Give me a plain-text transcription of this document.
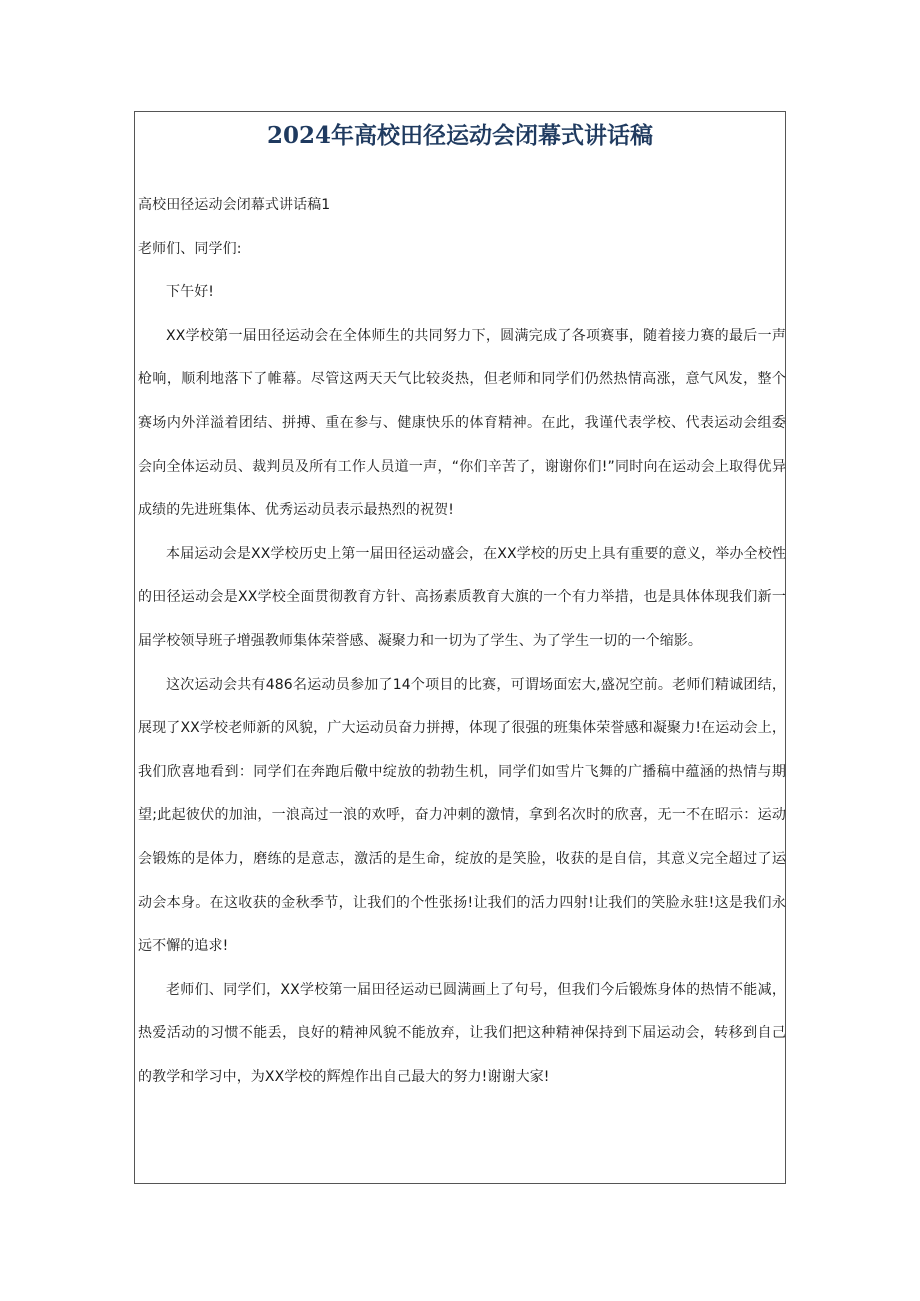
2024年高校田径运动会闭幕式讲话稿

高校田径运动会闭幕式讲话稿1

老师们、同学们:

下午好!

XX学校第一届田径运动会在全体师生的共同努力下，圆满完成了各项赛事，随着接力赛的最后一声枪响，顺利地落下了帷幕。尽管这两天天气比较炎热，但老师和同学们仍然热情高涨，意气风发，整个赛场内外洋溢着团结、拼搏、重在参与、健康快乐的体育精神。在此，我谨代表学校、代表运动会组委会向全体运动员、裁判员及所有工作人员道一声，“你们辛苦了，谢谢你们!”同时向在运动会上取得优异成绩的先进班集体、优秀运动员表示最热烈的祝贺!

本届运动会是XX学校历史上第一届田径运动盛会，在XX学校的历史上具有重要的意义，举办全校性的田径运动会是XX学校全面贯彻教育方针、高扬素质教育大旗的一个有力举措，也是具体体现我们新一届学校领导班子增强教师集体荣誉感、凝聚力和一切为了学生、为了学生一切的一个缩影。

这次运动会共有486名运动员参加了14个项目的比赛，可谓场面宏大,盛况空前。老师们精诚团结，展现了XX学校老师新的风貌，广大运动员奋力拼搏，体现了很强的班集体荣誉感和凝聚力!在运动会上，我们欣喜地看到：同学们在奔跑后儆中绽放的勃勃生机，同学们如雪片飞舞的广播稿中蕴涵的热情与期望;此起彼伏的加油，一浪高过一浪的欢呼，奋力冲刺的激情，拿到名次时的欣喜，无一不在昭示：运动会锻炼的是体力，磨练的是意志，激活的是生命，绽放的是笑脸，收获的是自信，其意义完全超过了运动会本身。在这收获的金秋季节，让我们的个性张扬!让我们的活力四射!让我们的笑脸永驻!这是我们永远不懈的追求!

老师们、同学们，XX学校第一届田径运动已圆满画上了句号，但我们今后锻炼身体的热情不能减，热爱活动的习惯不能丢，良好的精神风貌不能放弃，让我们把这种精神保持到下届运动会，转移到自己的教学和学习中，为XX学校的辉煌作出自己最大的努力!谢谢大家!
